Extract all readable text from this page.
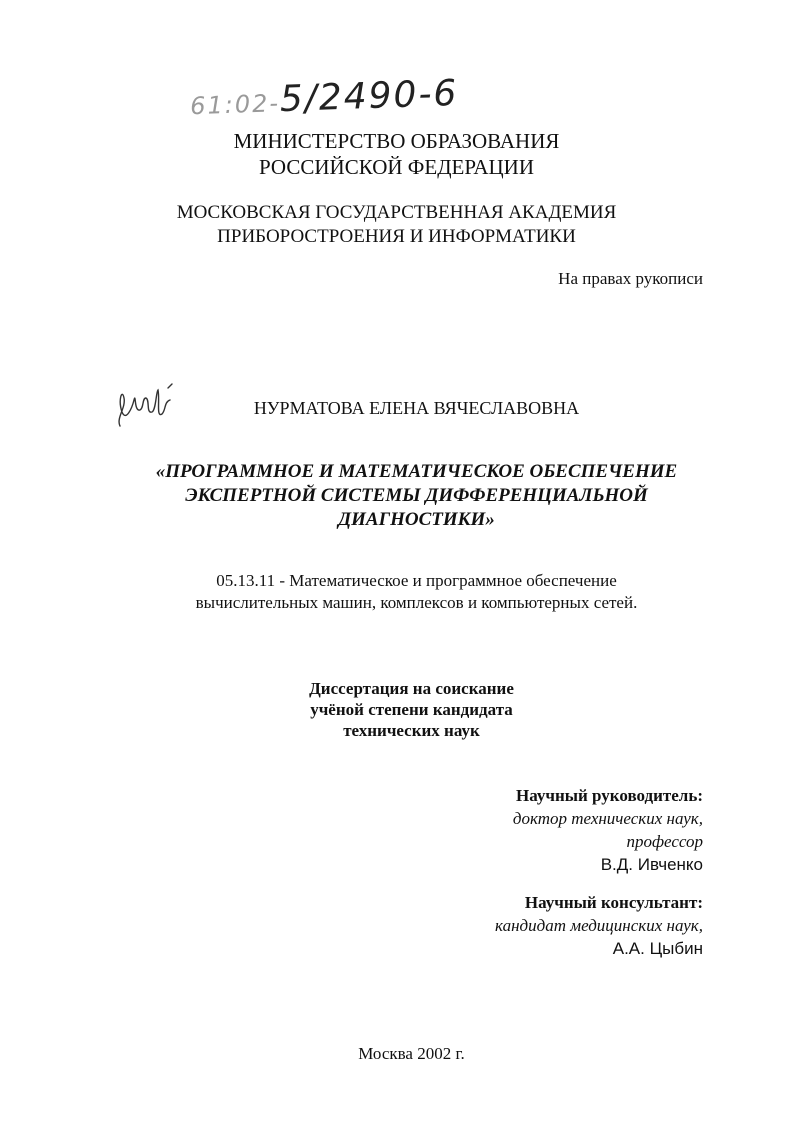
61:02-5/2490-6
МИНИСТЕРСТВО ОБРАЗОВАНИЯ
РОССИЙСКОЙ ФЕДЕРАЦИИ
МОСКОВСКАЯ ГОСУДАРСТВЕННАЯ АКАДЕМИЯ
ПРИБОРОСТРОЕНИЯ И ИНФОРМАТИКИ
На правах рукописи
НУРМАТОВА ЕЛЕНА ВЯЧЕСЛАВОВНА
«ПРОГРАММНОЕ И МАТЕМАТИЧЕСКОЕ ОБЕСПЕЧЕНИЕ
ЭКСПЕРТНОЙ СИСТЕМЫ ДИФФЕРЕНЦИАЛЬНОЙ
ДИАГНОСТИКИ»
05.13.11 - Математическое и программное обеспечение
вычислительных машин, комплексов и компьютерных сетей.
Диссертация на соискание
учёной степени кандидата
технических наук
Научный руководитель:
доктор технических наук,
профессор
В.Д. Ивченко
Научный консультант:
кандидат медицинских наук,
А.А. Цыбин
Москва 2002 г.
